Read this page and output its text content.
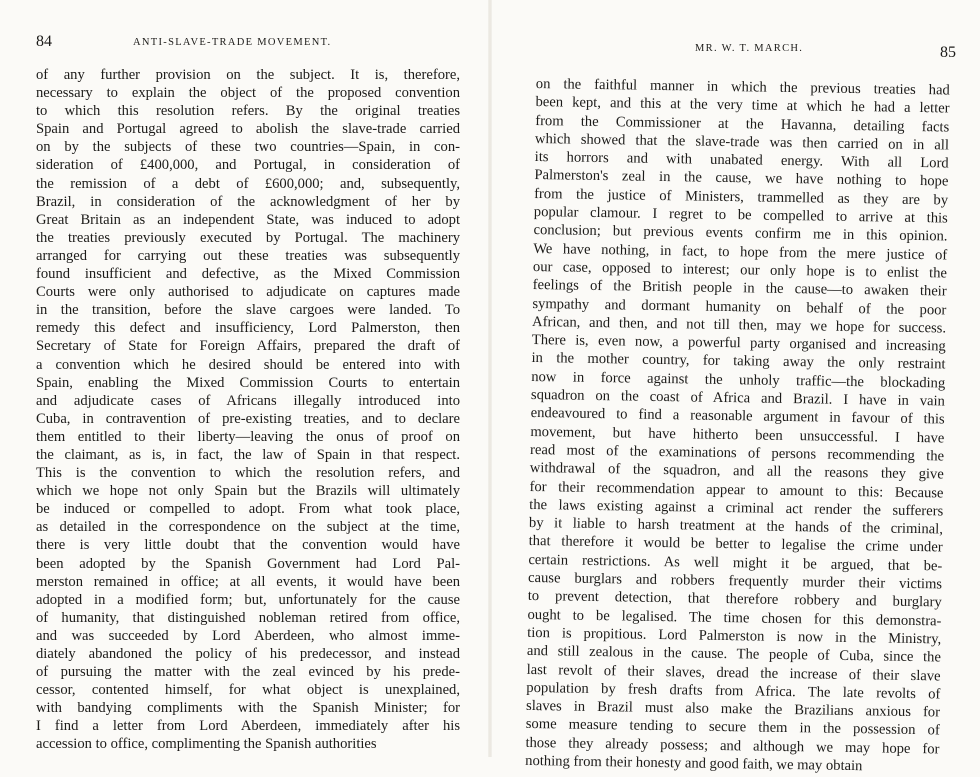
84	ANTI-SLAVE-TRADE MOVEMENT.
of any further provision on the subject. It is, therefore,
necessary to explain the object of the proposed convention
to which this resolution refers. By the original treaties
Spain and Portugal agreed to abolish the slave-trade carried
on by the subjects of these two countries—Spain, in con-
sideration of £400,000, and Portugal, in consideration of
the remission of a debt of £600,000; and, subsequently,
Brazil, in consideration of the acknowledgment of her by
Great Britain as an independent State, was induced to adopt
the treaties previously executed by Portugal. The machinery
arranged for carrying out these treaties was subsequently
found insufficient and defective, as the Mixed Commission
Courts were only authorised to adjudicate on captures made
in the transition, before the slave cargoes were landed. To
remedy this defect and insufficiency, Lord Palmerston, then
Secretary of State for Foreign Affairs, prepared the draft of
a convention which he desired should be entered into with
Spain, enabling the Mixed Commission Courts to entertain
and adjudicate cases of Africans illegally introduced into
Cuba, in contravention of pre-existing treaties, and to declare
them entitled to their liberty—leaving the onus of proof on
the claimant, as is, in fact, the law of Spain in that respect.
This is the convention to which the resolution refers, and
which we hope not only Spain but the Brazils will ultimately
be induced or compelled to adopt. From what took place,
as detailed in the correspondence on the subject at the time,
there is very little doubt that the convention would have
been adopted by the Spanish Government had Lord Pal-
merston remained in office; at all events, it would have been
adopted in a modified form; but, unfortunately for the cause
of humanity, that distinguished nobleman retired from office,
and was succeeded by Lord Aberdeen, who almost imme-
diately abandoned the policy of his predecessor, and instead
of pursuing the matter with the zeal evinced by his prede-
cessor, contented himself, for what object is unexplained,
with bandying compliments with the Spanish Minister; for
I find a letter from Lord Aberdeen, immediately after his
accession to office, complimenting the Spanish authorities
MR. W. T. MARCH.	85
on the faithful manner in which the previous treaties had
been kept, and this at the very time at which he had a letter
from the Commissioner at the Havanna, detailing facts
which showed that the slave-trade was then carried on in all
its horrors and with unabated energy. With all Lord
Palmerston's zeal in the cause, we have nothing to hope
from the justice of Ministers, trammelled as they are by
popular clamour. I regret to be compelled to arrive at this
conclusion; but previous events confirm me in this opinion.
We have nothing, in fact, to hope from the mere justice of
our case, opposed to interest; our only hope is to enlist the
feelings of the British people in the cause—to awaken their
sympathy and dormant humanity on behalf of the poor
African, and then, and not till then, may we hope for success.
There is, even now, a powerful party organised and increasing
in the mother country, for taking away the only restraint
now in force against the unholy traffic—the blockading
squadron on the coast of Africa and Brazil. I have in vain
endeavoured to find a reasonable argument in favour of this
movement, but have hitherto been unsuccessful. I have
read most of the examinations of persons recommending the
withdrawal of the squadron, and all the reasons they give
for their recommendation appear to amount to this: Because
the laws existing against a criminal act render the sufferers
by it liable to harsh treatment at the hands of the criminal,
that therefore it would be better to legalise the crime under
certain restrictions. As well might it be argued, that be-
cause burglars and robbers frequently murder their victims
to prevent detection, that therefore robbery and burglary
ought to be legalised. The time chosen for this demonstra-
tion is propitious. Lord Palmerston is now in the Ministry,
and still zealous in the cause. The people of Cuba, since the
last revolt of their slaves, dread the increase of their slave
population by fresh drafts from Africa. The late revolts of
slaves in Brazil must also make the Brazilians anxious for
some measure tending to secure them in the possession of
those they already possess; and although we may hope for
nothing from their honesty and good faith, we may obtain
